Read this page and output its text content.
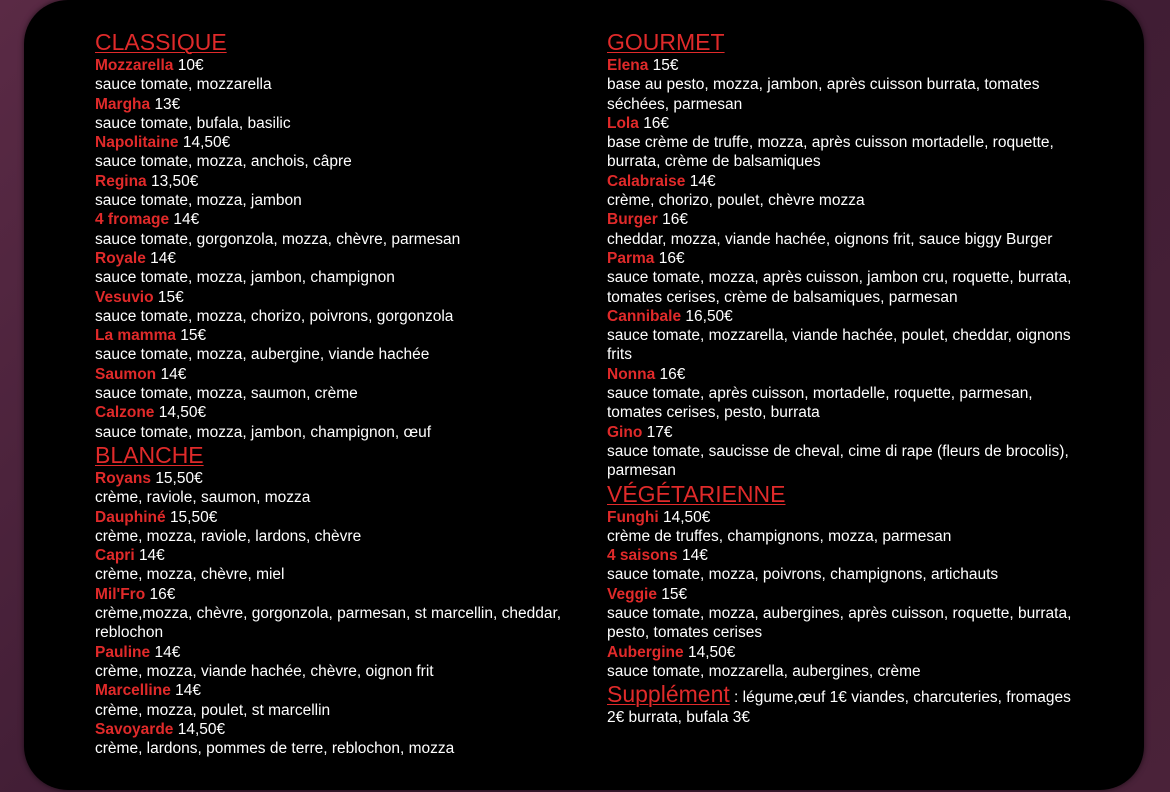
CLASSIQUE
Mozzarella 10€
sauce tomate, mozzarella
Margha 13€
sauce tomate, bufala, basilic
Napolitaine 14,50€
sauce tomate, mozza, anchois, câpre
Regina 13,50€
sauce tomate, mozza, jambon
4 fromage 14€
sauce tomate, gorgonzola, mozza, chèvre, parmesan
Royale 14€
sauce tomate, mozza, jambon, champignon
Vesuvio 15€
sauce tomate, mozza, chorizo, poivrons, gorgonzola
La mamma 15€
sauce tomate, mozza, aubergine, viande hachée
Saumon 14€
sauce tomate, mozza, saumon, crème
Calzone 14,50€
sauce tomate, mozza, jambon, champignon, œuf
BLANCHE
Royans 15,50€
crème, raviole, saumon, mozza
Dauphiné 15,50€
crème, mozza, raviole, lardons, chèvre
Capri 14€
crème, mozza, chèvre, miel
Mil'Fro 16€
crème,mozza, chèvre, gorgonzola, parmesan, st marcellin, cheddar, reblochon
Pauline 14€
crème, mozza, viande hachée, chèvre, oignon frit
Marcelline 14€
crème, mozza, poulet, st marcellin
Savoyarde 14,50€
crème, lardons, pommes de terre, reblochon, mozza
GOURMET
Elena 15€
base au pesto, mozza, jambon, après cuisson burrata, tomates séchées, parmesan
Lola 16€
base crème de truffe, mozza, après cuisson mortadelle, roquette, burrata, crème de balsamiques
Calabraise 14€
crème, chorizo, poulet, chèvre mozza
Burger 16€
cheddar, mozza, viande hachée, oignons frit, sauce biggy Burger
Parma 16€
sauce tomate, mozza, après cuisson, jambon cru, roquette, burrata, tomates cerises, crème de balsamiques, parmesan
Cannibale 16,50€
sauce tomate, mozzarella, viande hachée, poulet, cheddar, oignons frits
Nonna 16€
sauce tomate, après cuisson, mortadelle, roquette, parmesan, tomates cerises, pesto, burrata
Gino 17€
sauce tomate, saucisse de cheval, cime di rape (fleurs de brocolis), parmesan
VÉGÉTARIENNE
Funghi 14,50€
crème de truffes, champignons, mozza, parmesan
4 saisons 14€
sauce tomate, mozza, poivrons, champignons, artichauts
Veggie 15€
sauce tomate, mozza, aubergines, après cuisson, roquette, burrata, pesto, tomates cerises
Aubergine 14,50€
sauce tomate, mozzarella, aubergines, crème
Supplément : légume,œuf 1€ viandes, charcuteries, fromages 2€ burrata, bufala 3€
